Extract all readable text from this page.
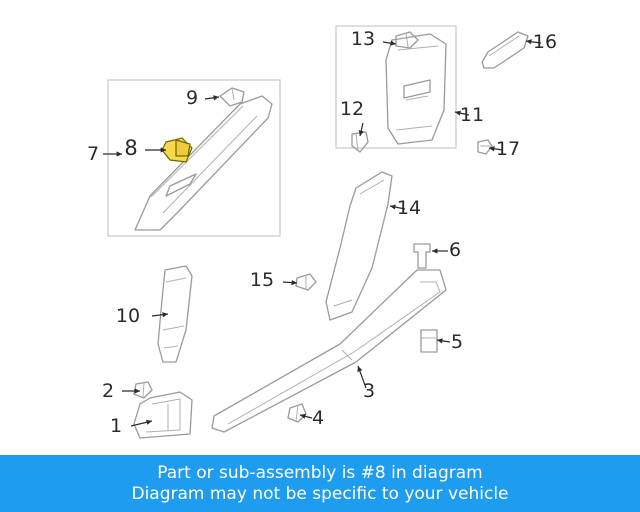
1
2	3
4
5
6
7 8
9
10
11
12
13
14
15
16
17
Part or sub-assembly is #8 in diagram
Diagram may not be specific to your vehicle
